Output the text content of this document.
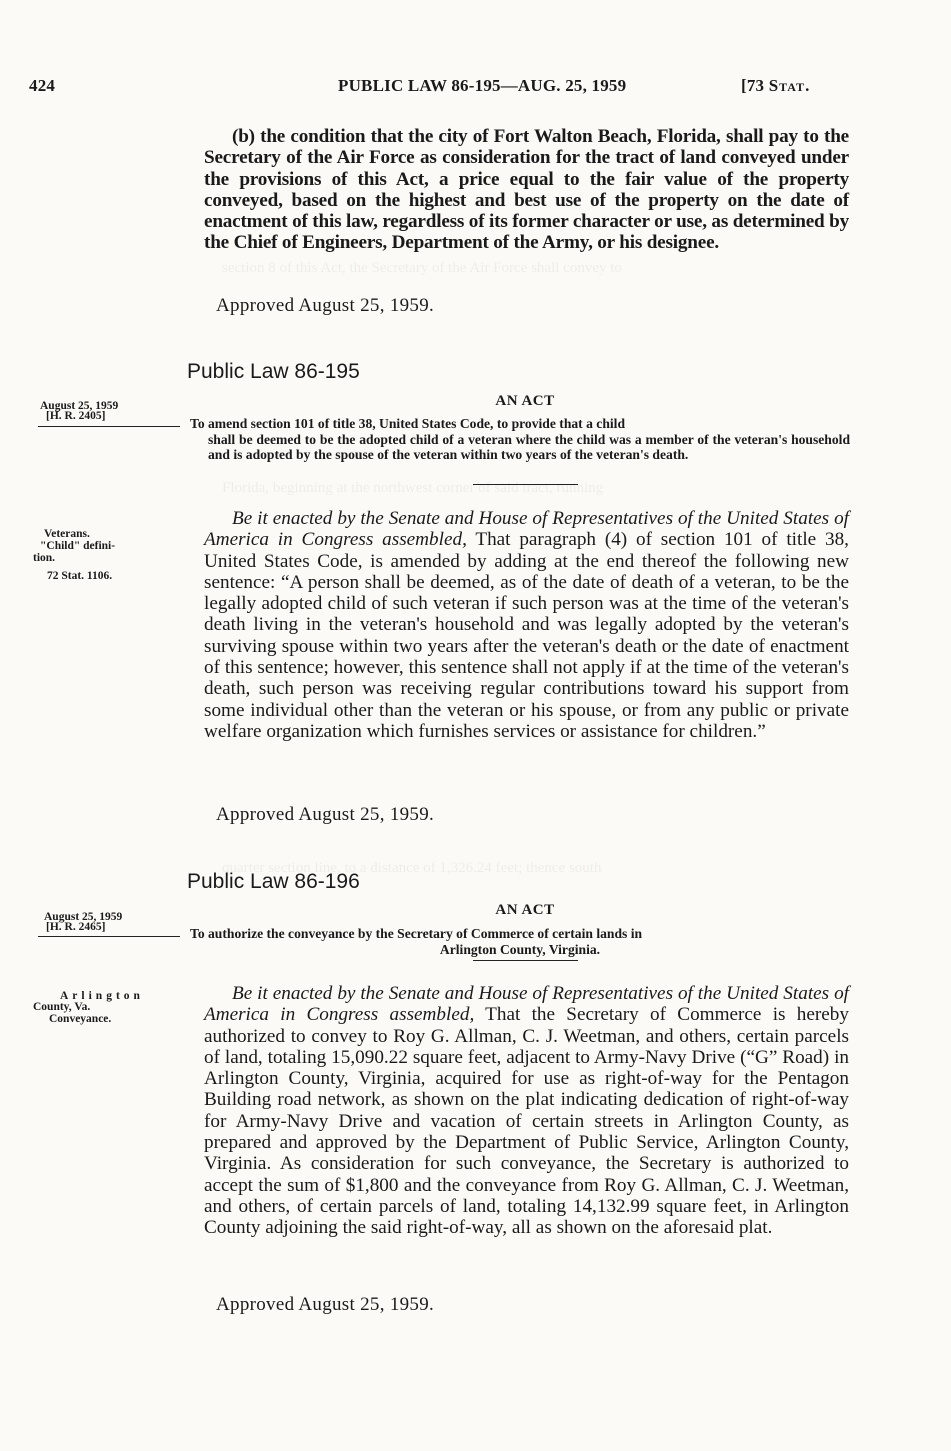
section 8 of this Act, the Secretary of the Air Force shall convey to
Florida, beginning at the northwest corner of said tract, running
quarter section line, to a distance of 1,326.24 feet; thence south
424	PUBLIC LAW 86-195—AUG. 25, 1959	[73 Stat.
(b) the condition that the city of Fort Walton Beach, Florida, shall pay to the Secretary of the Air Force as consideration for the tract of land conveyed under the provisions of this Act, a price equal to the fair value of the property conveyed, based on the highest and best use of the property on the date of enactment of this law, regardless of its former character or use, as determined by the Chief of Engineers, Department of the Army, or his designee.
Approved August 25, 1959.
Public Law 86-195
AN ACT
August 25, 1959
[H. R. 2405]	To amend section 101 of title 38, United States Code, to provide that a child
shall be deemed to be the adopted child of a veteran where the child was a member of the veteran's household and is adopted by the spouse of the veteran within two years of the veteran's death.
Veterans.
"Child" defini-
tion.
72 Stat. 1106.
Be it enacted by the Senate and House of Representatives of the United States of America in Congress assembled, That paragraph (4) of section 101 of title 38, United States Code, is amended by adding at the end thereof the following new sentence: “A person shall be deemed, as of the date of death of a veteran, to be the legally adopted child of such veteran if such person was at the time of the veteran's death living in the veteran's household and was legally adopted by the veteran's surviving spouse within two years after the veteran's death or the date of enactment of this sentence; however, this sentence shall not apply if at the time of the veteran's death, such person was receiving regular contributions toward his support from some individual other than the veteran or his spouse, or from any public or private welfare organization which furnishes services or assistance for children.”
Approved August 25, 1959.
Public Law 86-196
AN ACT
August 25, 1959
[H. R. 2465]	To authorize the conveyance by the Secretary of Commerce of certain lands in
Arlington County, Virginia.
Arlington
County, Va.
Conveyance.
Be it enacted by the Senate and House of Representatives of the United States of America in Congress assembled, That the Secretary of Commerce is hereby authorized to convey to Roy G. Allman, C. J. Weetman, and others, certain parcels of land, totaling 15,090.22 square feet, adjacent to Army-Navy Drive (“G” Road) in Arlington County, Virginia, acquired for use as right-of-way for the Pentagon Building road network, as shown on the plat indicating dedication of right-of-way for Army-Navy Drive and vacation of certain streets in Arlington County, as prepared and approved by the Department of Public Service, Arlington County, Virginia. As consideration for such conveyance, the Secretary is authorized to accept the sum of $1,800 and the conveyance from Roy G. Allman, C. J. Weetman, and others, of certain parcels of land, totaling 14,132.99 square feet, in Arlington County adjoining the said right-of-way, all as shown on the aforesaid plat.
Approved August 25, 1959.
